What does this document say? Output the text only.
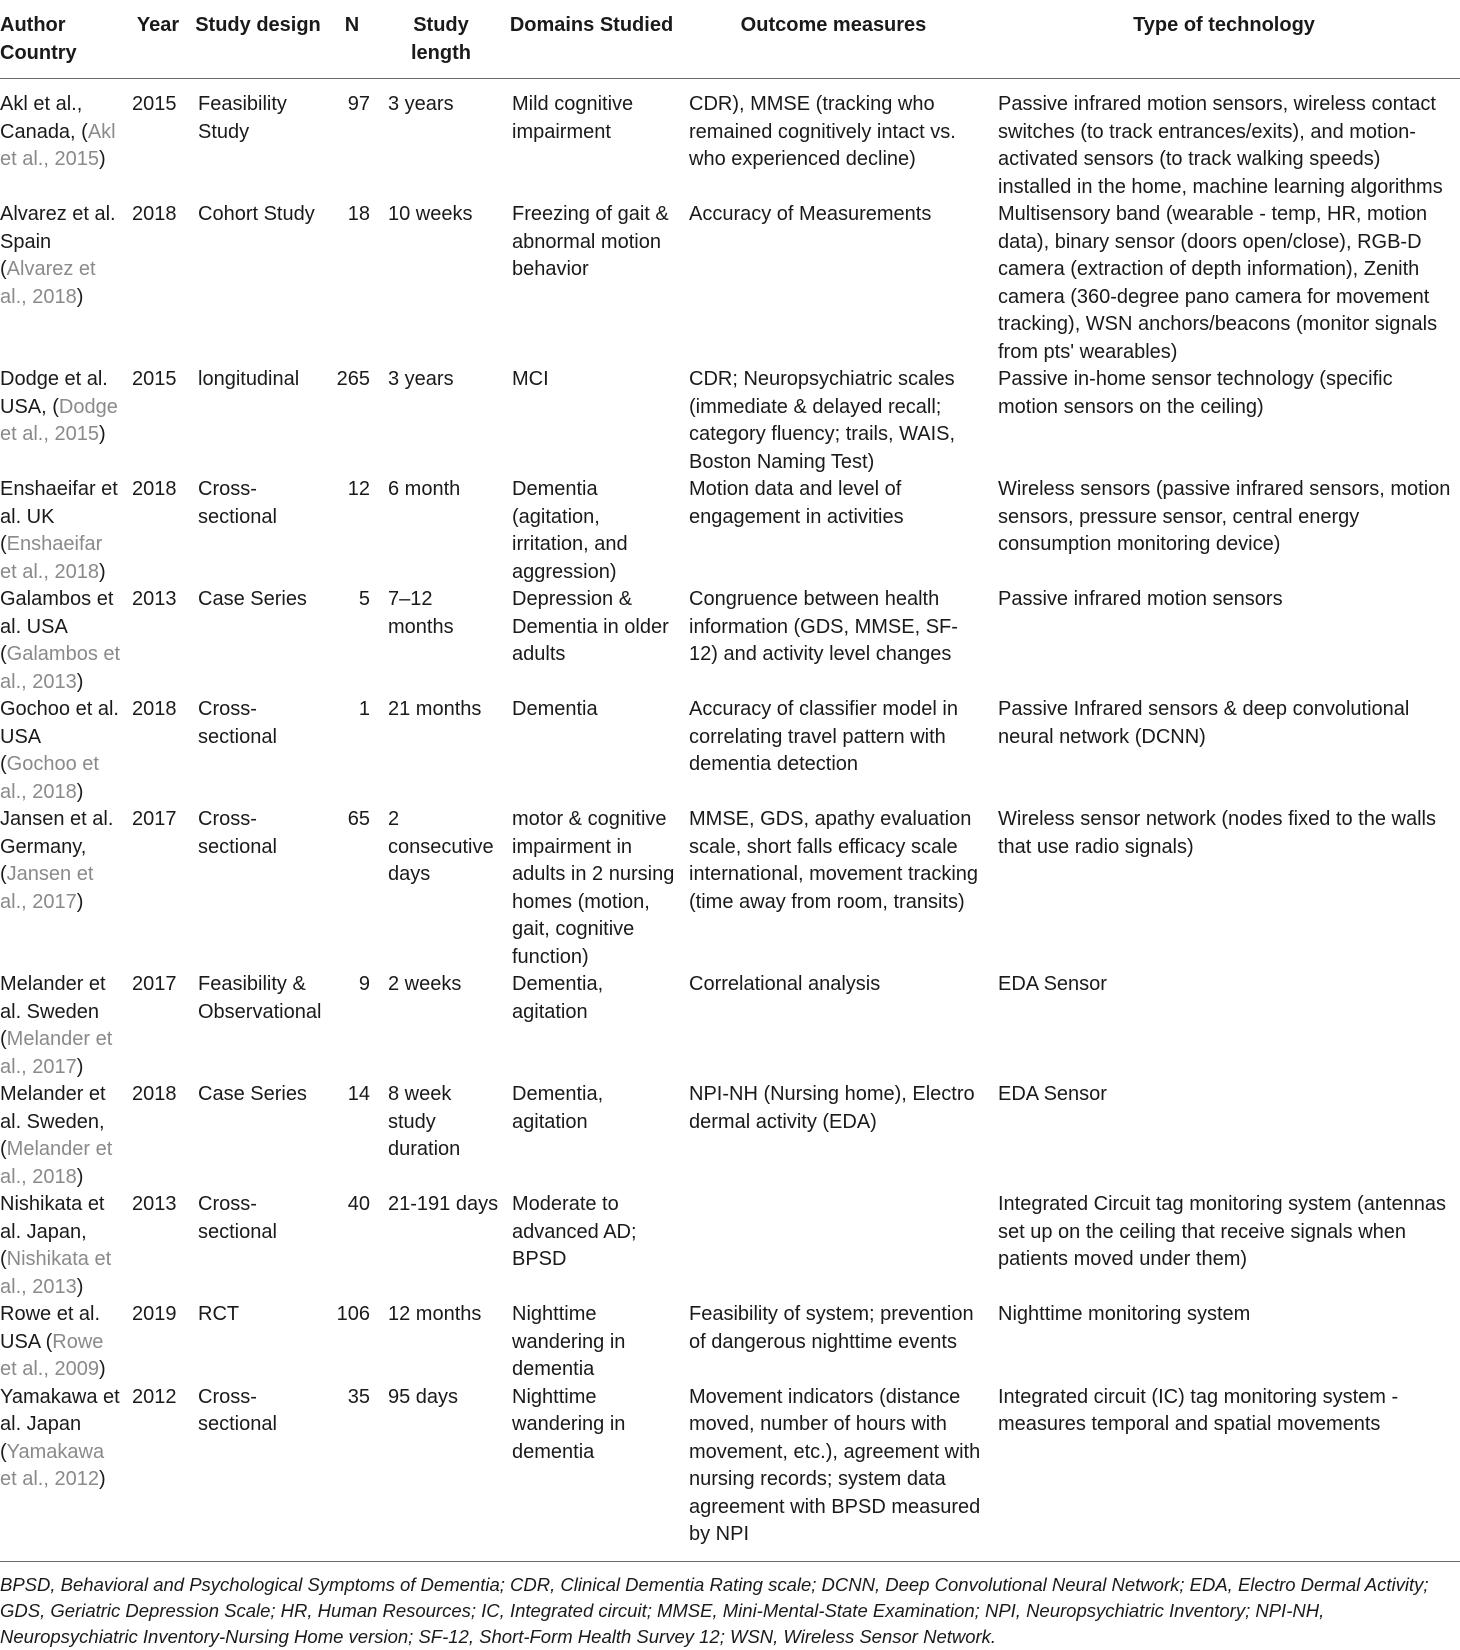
Author Country	Year	Study design	N	Study length	Domains Studied	Outcome measures	Type of technology
Akl et al., Canada, (Akl et al., 2015)	2015	Feasibility Study	97	3 years	Mild cognitive impairment	CDR), MMSE (tracking who remained cognitively intact vs. who experienced decline)	Passive infrared motion sensors, wireless contact switches (to track entrances/exits), and motion-activated sensors (to track walking speeds) installed in the home, machine learning algorithms
Alvarez et al. Spain (Alvarez et al., 2018)	2018	Cohort Study	18	10 weeks	Freezing of gait & abnormal motion behavior	Accuracy of Measurements	Multisensory band (wearable - temp, HR, motion data), binary sensor (doors open/close), RGB-D camera (extraction of depth information), Zenith camera (360-degree pano camera for movement tracking), WSN anchors/beacons (monitor signals from pts' wearables)
Dodge et al. USA, (Dodge et al., 2015)	2015	longitudinal	265	3 years	MCI	CDR; Neuropsychiatric scales (immediate & delayed recall; category fluency; trails, WAIS, Boston Naming Test)	Passive in-home sensor technology (specific motion sensors on the ceiling)
Enshaeifar et al. UK (Enshaeifar et al., 2018)	2018	Cross-sectional	12	6 month	Dementia (agitation, irritation, and aggression)	Motion data and level of engagement in activities	Wireless sensors (passive infrared sensors, motion sensors, pressure sensor, central energy consumption monitoring device)
Galambos et al. USA (Galambos et al., 2013)	2013	Case Series	5	7–12 months	Depression & Dementia in older adults	Congruence between health information (GDS, MMSE, SF-12) and activity level changes	Passive infrared motion sensors
Gochoo et al. USA (Gochoo et al., 2018)	2018	Cross-sectional	1	21 months	Dementia	Accuracy of classifier model in correlating travel pattern with dementia detection	Passive Infrared sensors & deep convolutional neural network (DCNN)
Jansen et al. Germany, (Jansen et al., 2017)	2017	Cross-sectional	65	2 consecutive days	motor & cognitive impairment in adults in 2 nursing homes (motion, gait, cognitive function)	MMSE, GDS, apathy evaluation scale, short falls efficacy scale international, movement tracking (time away from room, transits)	Wireless sensor network (nodes fixed to the walls that use radio signals)
Melander et al. Sweden (Melander et al., 2017)	2017	Feasibility & Observational	9	2 weeks	Dementia, agitation	Correlational analysis	EDA Sensor
Melander et al. Sweden, (Melander et al., 2018)	2018	Case Series	14	8 week study duration	Dementia, agitation	NPI-NH (Nursing home), Electro dermal activity (EDA)	EDA Sensor
Nishikata et al. Japan, (Nishikata et al., 2013)	2013	Cross-sectional	40	21-191 days	Moderate to advanced AD; BPSD		Integrated Circuit tag monitoring system (antennas set up on the ceiling that receive signals when patients moved under them)
Rowe et al. USA (Rowe et al., 2009)	2019	RCT	106	12 months	Nighttime wandering in dementia	Feasibility of system; prevention of dangerous nighttime events	Nighttime monitoring system
Yamakawa et al. Japan (Yamakawa et al., 2012)	2012	Cross-sectional	35	95 days	Nighttime wandering in dementia	Movement indicators (distance moved, number of hours with movement, etc.), agreement with nursing records; system data agreement with BPSD measured by NPI	Integrated circuit (IC) tag monitoring system - measures temporal and spatial movements
BPSD, Behavioral and Psychological Symptoms of Dementia; CDR, Clinical Dementia Rating scale; DCNN, Deep Convolutional Neural Network; EDA, Electro Dermal Activity; GDS, Geriatric Depression Scale; HR, Human Resources; IC, Integrated circuit; MMSE, Mini-Mental-State Examination; NPI, Neuropsychiatric Inventory; NPI-NH, Neuropsychiatric Inventory-Nursing Home version; SF-12, Short-Form Health Survey 12; WSN, Wireless Sensor Network.
